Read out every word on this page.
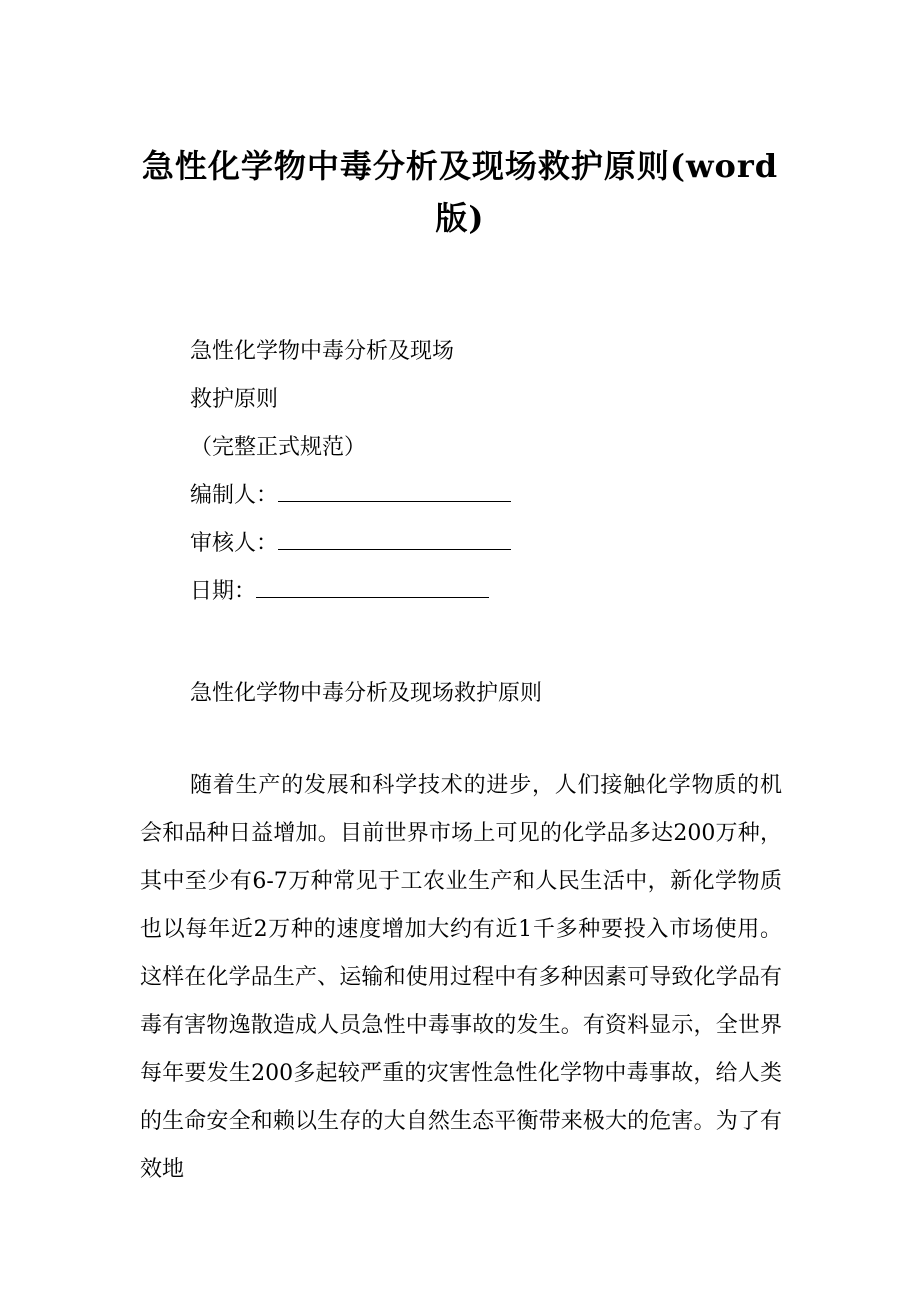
急性化学物中毒分析及现场救护原则(word版)
急性化学物中毒分析及现场
救护原则
（完整正式规范）
编制人：
审核人：
日期：
急性化学物中毒分析及现场救护原则
随着生产的发展和科学技术的进步，人们接触化学物质的机会和品种日益增加。目前世界市场上可见的化学品多达200万种，其中至少有6-7万种常见于工农业生产和人民生活中，新化学物质也以每年近2万种的速度增加大约有近1千多种要投入市场使用。这样在化学品生产、运输和使用过程中有多种因素可导致化学品有毒有害物逸散造成人员急性中毒事故的发生。有资料显示，全世界每年要发生200多起较严重的灾害性急性化学物中毒事故，给人类的生命安全和赖以生存的大自然生态平衡带来极大的危害。为了有效地
